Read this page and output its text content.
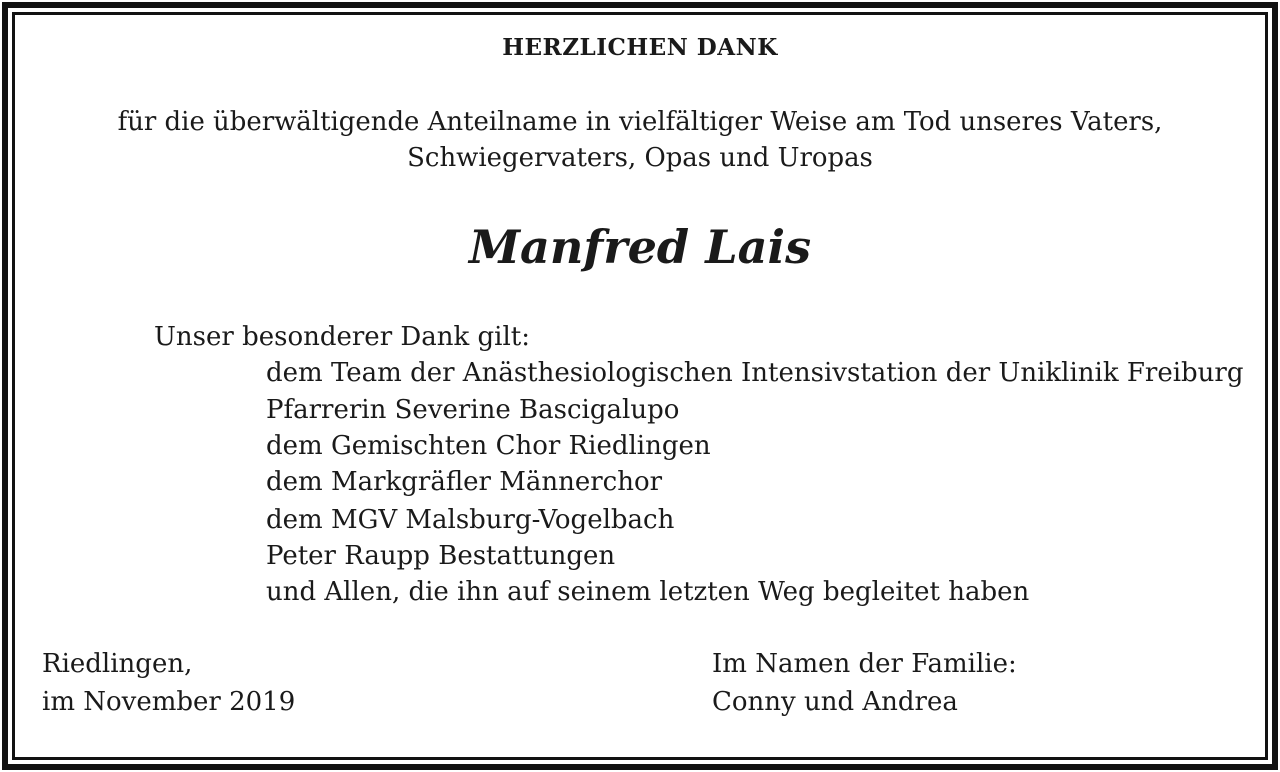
HERZLICHEN DANK
für die überwältigende Anteilname in vielfältiger Weise am Tod unseres Vaters,
Schwiegervaters, Opas und Uropas
Manfred Lais
Unser besonderer Dank gilt:
dem Team der Anästhesiologischen Intensivstation der Uniklinik Freiburg
Pfarrerin Severine Bascigalupo
dem Gemischten Chor Riedlingen
dem Markgräfler Männerchor
dem MGV Malsburg-Vogelbach
Peter Raupp Bestattungen
und Allen, die ihn auf seinem letzten Weg begleitet haben
Riedlingen,
im November 2019
Im Namen der Familie:
Conny und Andrea
